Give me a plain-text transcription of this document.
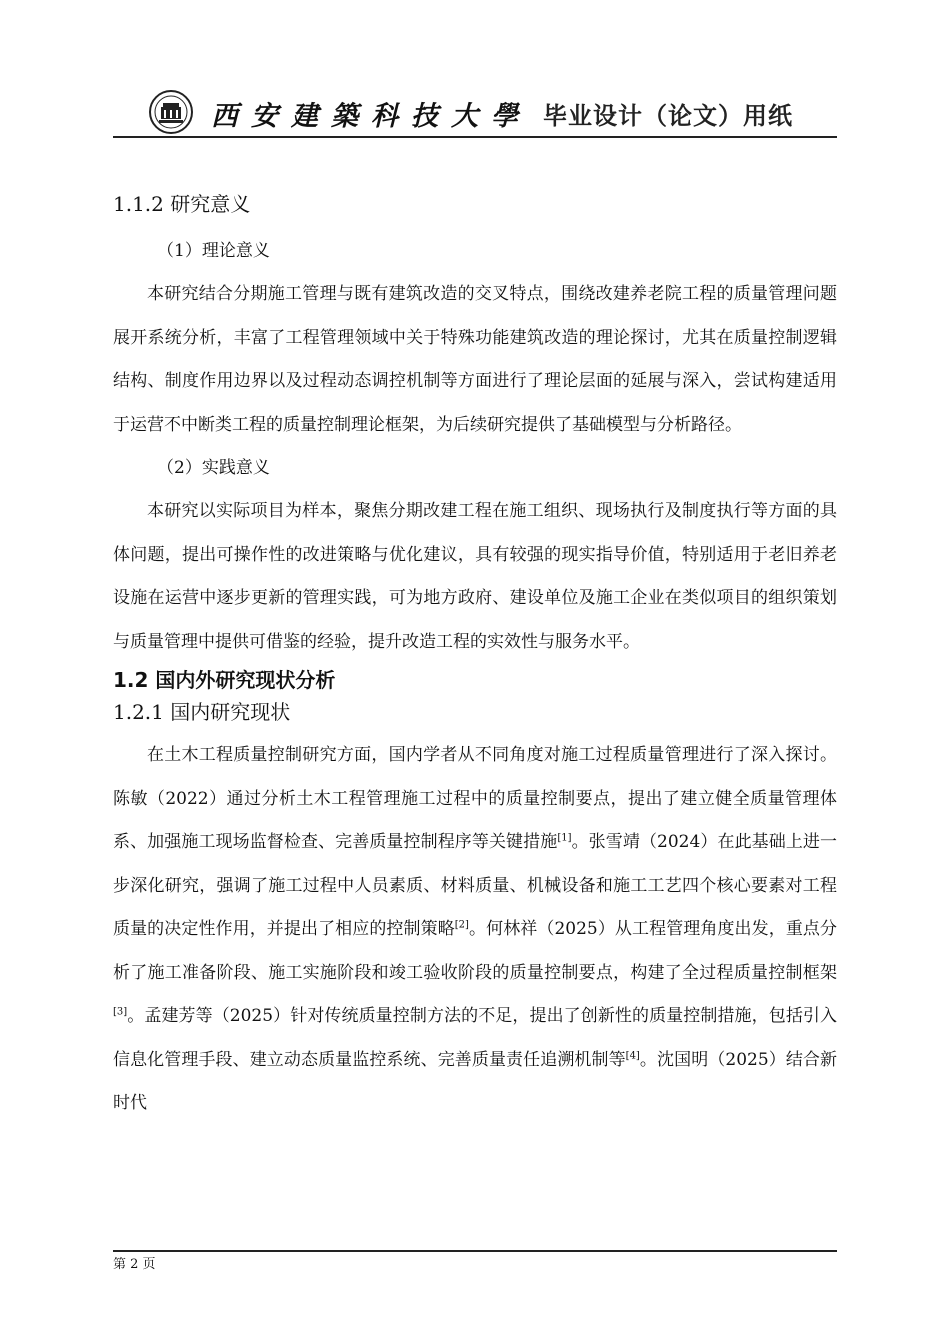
西安建築科技大學 毕业设计（论文）用纸

1.1.2 研究意义

（1）理论意义

本研究结合分期施工管理与既有建筑改造的交叉特点，围绕改建养老院工程的质量管理问题展开系统分析，丰富了工程管理领域中关于特殊功能建筑改造的理论探讨，尤其在质量控制逻辑结构、制度作用边界以及过程动态调控机制等方面进行了理论层面的延展与深入，尝试构建适用于运营不中断类工程的质量控制理论框架，为后续研究提供了基础模型与分析路径。

（2）实践意义

本研究以实际项目为样本，聚焦分期改建工程在施工组织、现场执行及制度执行等方面的具体问题，提出可操作性的改进策略与优化建议，具有较强的现实指导价值，特别适用于老旧养老设施在运营中逐步更新的管理实践，可为地方政府、建设单位及施工企业在类似项目的组织策划与质量管理中提供可借鉴的经验，提升改造工程的实效性与服务水平。

1.2 国内外研究现状分析

1.2.1 国内研究现状

在土木工程质量控制研究方面，国内学者从不同角度对施工过程质量管理进行了深入探讨。陈敏（2022）通过分析土木工程管理施工过程中的质量控制要点，提出了建立健全质量管理体系、加强施工现场监督检查、完善质量控制程序等关键措施[1]。张雪靖（2024）在此基础上进一步深化研究，强调了施工过程中人员素质、材料质量、机械设备和施工工艺四个核心要素对工程质量的决定性作用，并提出了相应的控制策略[2]。何林祥（2025）从工程管理角度出发，重点分析了施工准备阶段、施工实施阶段和竣工验收阶段的质量控制要点，构建了全过程质量控制框架[3]。孟建芳等（2025）针对传统质量控制方法的不足，提出了创新性的质量控制措施，包括引入信息化管理手段、建立动态质量监控系统、完善质量责任追溯机制等[4]。沈国明（2025）结合新时代

第 2 页
